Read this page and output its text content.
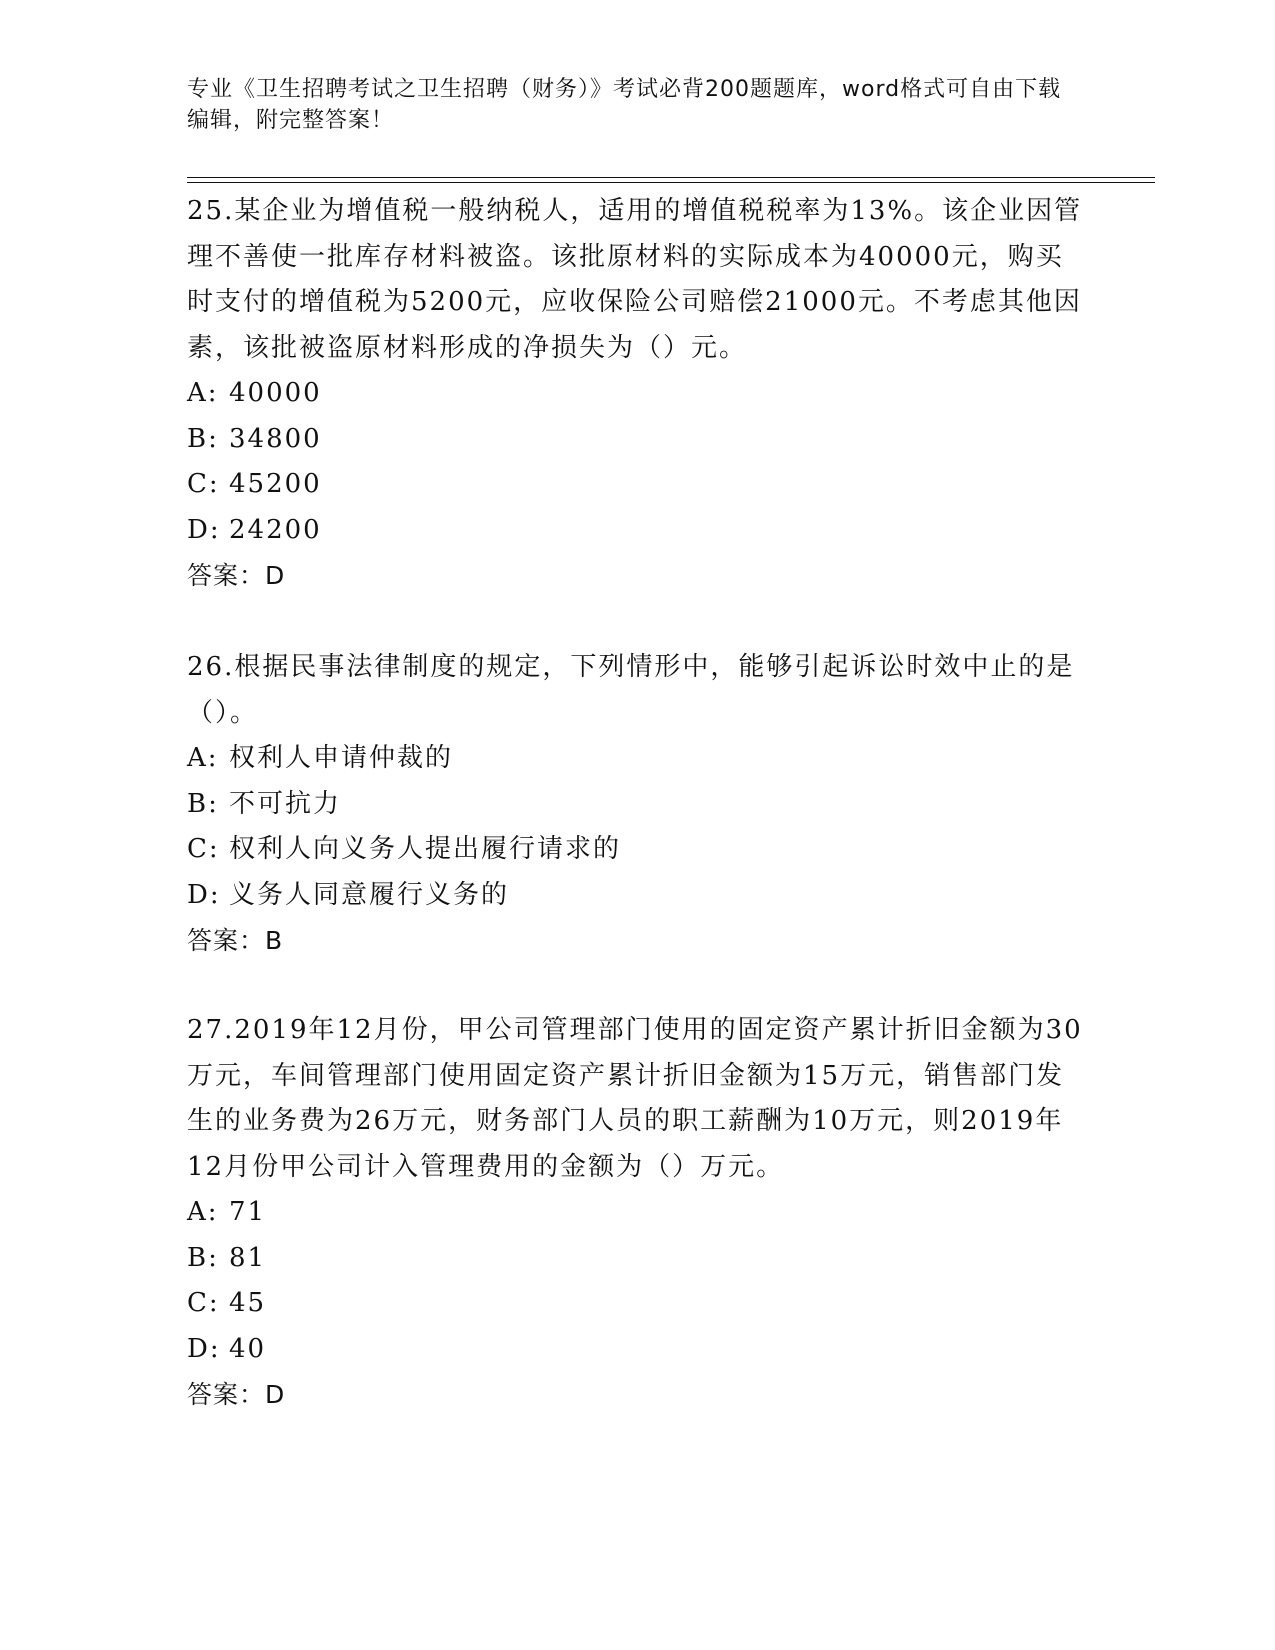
专业《卫生招聘考试之卫生招聘（财务）》考试必背200题题库，word格式可自由下载编辑，附完整答案！

25.某企业为增值税一般纳税人，适用的增值税税率为13%。该企业因管理不善使一批库存材料被盗。该批原材料的实际成本为40000元，购买时支付的增值税为5200元，应收保险公司赔偿21000元。不考虑其他因素，该批被盗原材料形成的净损失为（）元。

A: 40000
B: 34800
C: 45200
D: 24200
答案：D

26.根据民事法律制度的规定，下列情形中，能够引起诉讼时效中止的是（）。

A: 权利人申请仲裁的
B: 不可抗力
C: 权利人向义务人提出履行请求的
D: 义务人同意履行义务的
答案：B

27.2019年12月份，甲公司管理部门使用的固定资产累计折旧金额为30万元，车间管理部门使用固定资产累计折旧金额为15万元，销售部门发生的业务费为26万元，财务部门人员的职工薪酬为10万元，则2019年12月份甲公司计入管理费用的金额为（）万元。

A: 71
B: 81
C: 45
D: 40
答案：D
